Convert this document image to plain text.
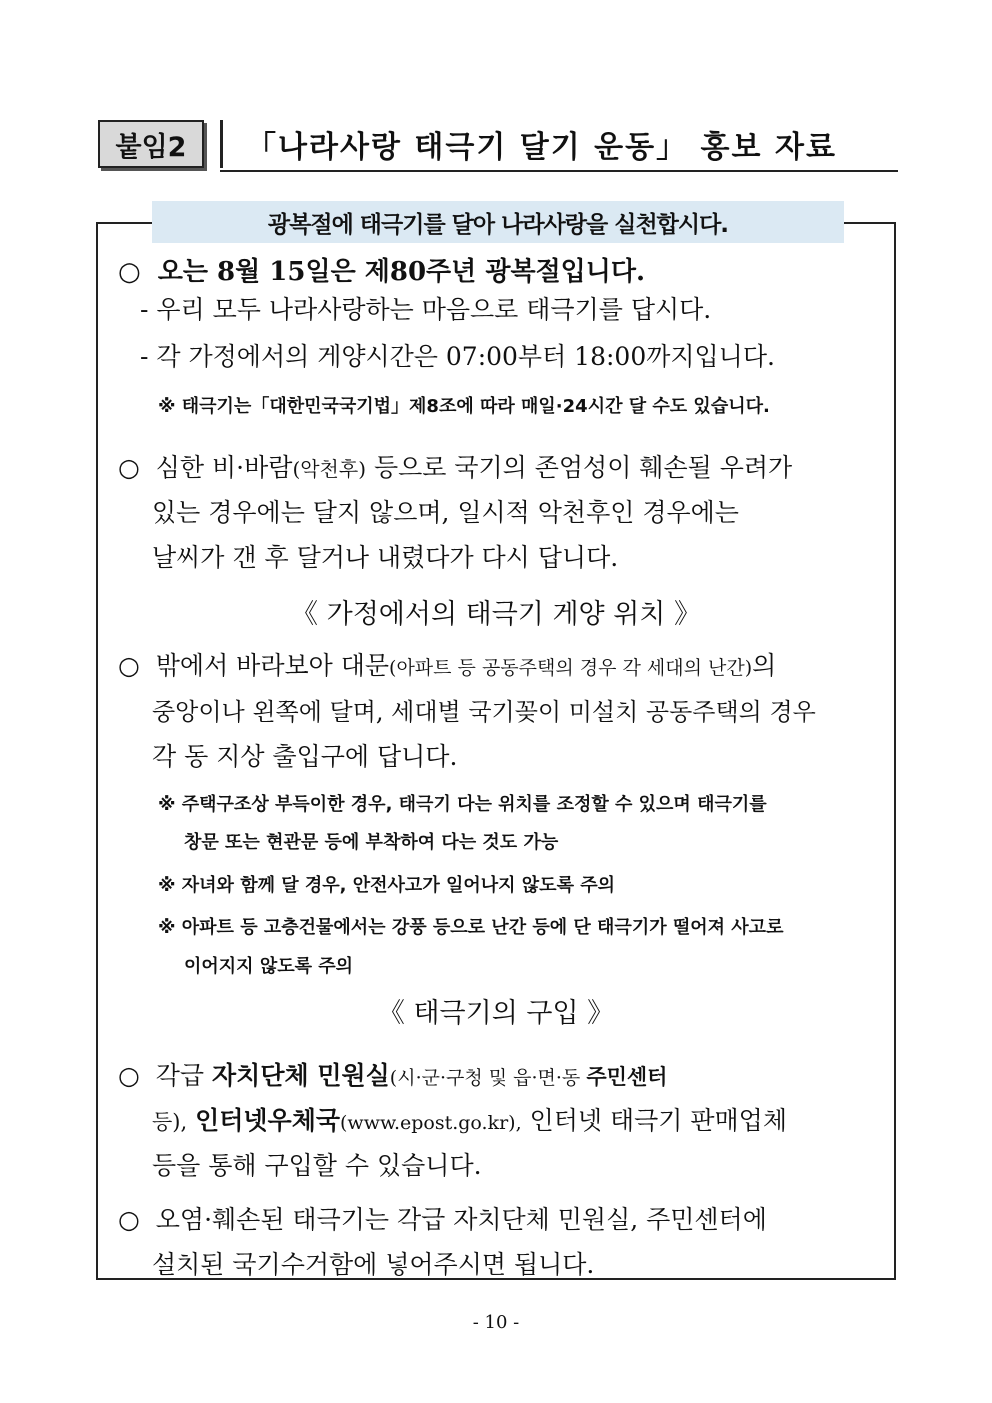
붙임2	「나라사랑 태극기 달기 운동」 홍보 자료
광복절에 태극기를 달아 나라사랑을 실천합시다.
○ 오는 8월 15일은 제80주년 광복절입니다.
- 우리 모두 나라사랑하는 마음으로 태극기를 답시다.
- 각 가정에서의 게양시간은 07:00부터 18:00까지입니다.
※ 태극기는「대한민국국기법」제8조에 따라 매일·24시간 달 수도 있습니다.
○ 심한 비·바람(악천후) 등으로 국기의 존엄성이 훼손될 우려가
있는 경우에는 달지 않으며, 일시적 악천후인 경우에는
날씨가 갠 후 달거나 내렸다가 다시 답니다.
《 가정에서의 태극기 게양 위치 》
○ 밖에서 바라보아 대문(아파트 등 공동주택의 경우 각 세대의 난간)의
중앙이나 왼쪽에 달며, 세대별 국기꽂이 미설치 공동주택의 경우
각 동 지상 출입구에 답니다.
※ 주택구조상 부득이한 경우, 태극기 다는 위치를 조정할 수 있으며 태극기를
창문 또는 현관문 등에 부착하여 다는 것도 가능
※ 자녀와 함께 달 경우, 안전사고가 일어나지 않도록 주의
※ 아파트 등 고층건물에서는 강풍 등으로 난간 등에 단 태극기가 떨어져 사고로
이어지지 않도록 주의
《 태극기의 구입 》
○ 각급 자치단체 민원실(시·군·구청 및 읍·면·동 주민센터
등), 인터넷우체국(www.epost.go.kr), 인터넷 태극기 판매업체
등을 통해 구입할 수 있습니다.
○ 오염·훼손된 태극기는 각급 자치단체 민원실, 주민센터에
설치된 국기수거함에 넣어주시면 됩니다.
- 10 -
